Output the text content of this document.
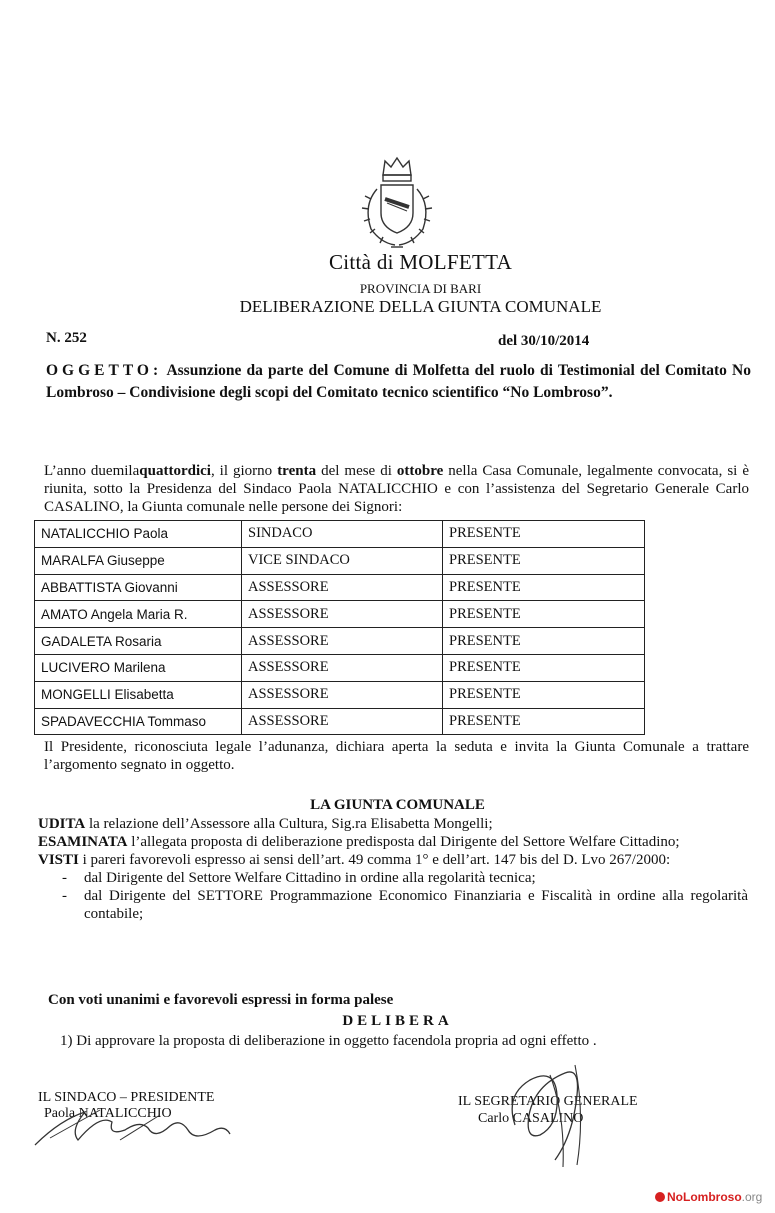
Città di MOLFETTA
PROVINCIA DI BARI
DELIBERAZIONE DELLA GIUNTA COMUNALE
N. 252	del 30/10/2014
OGGETTO: Assunzione da parte del Comune di Molfetta del ruolo di Testimonial del Comitato No Lombroso – Condivisione degli scopi del Comitato tecnico scientifico “No Lombroso”.
L’anno duemilaquattordici, il giorno trenta del mese di ottobre nella Casa Comunale, legalmente convocata, si è riunita, sotto la Presidenza del Sindaco Paola NATALICCHIO e con l’assistenza del Segretario Generale Carlo CASALINO, la Giunta comunale nelle persone dei Signori:
NATALICCHIO Paola	SINDACO	PRESENTE
MARALFA Giuseppe	VICE SINDACO	PRESENTE
ABBATTISTA Giovanni	ASSESSORE	PRESENTE
AMATO Angela Maria R.	ASSESSORE	PRESENTE
GADALETA Rosaria	ASSESSORE	PRESENTE
LUCIVERO Marilena	ASSESSORE	PRESENTE
MONGELLI Elisabetta	ASSESSORE	PRESENTE
SPADAVECCHIA Tommaso	ASSESSORE	PRESENTE
Il Presidente, riconosciuta legale l’adunanza, dichiara aperta la seduta e invita la Giunta Comunale a trattare l’argomento segnato in oggetto.
LA GIUNTA COMUNALE

UDITA la relazione dell’Assessore alla Cultura, Sig.ra Elisabetta Mongelli;

ESAMINATA l’allegata proposta di deliberazione predisposta dal Dirigente del Settore Welfare Cittadino;

VISTI i pareri favorevoli espresso ai sensi dell’art. 49 comma 1° e dell’art. 147 bis del D. Lvo 267/2000:

- dal Dirigente del Settore Welfare Cittadino in ordine alla regolarità tecnica;
- dal Dirigente del SETTORE Programmazione Economico Finanziaria e Fiscalità in ordine alla regolarità contabile;
Con voti unanimi e favorevoli espressi in forma palese
DELIBERA
1) Di approvare la proposta di deliberazione in oggetto facendola propria ad ogni effetto .
IL SINDACO – PRESIDENTE
Paola NATALICCHIO
IL SEGRETARIO GENERALE
Carlo CASALINO
NoLombroso.org
